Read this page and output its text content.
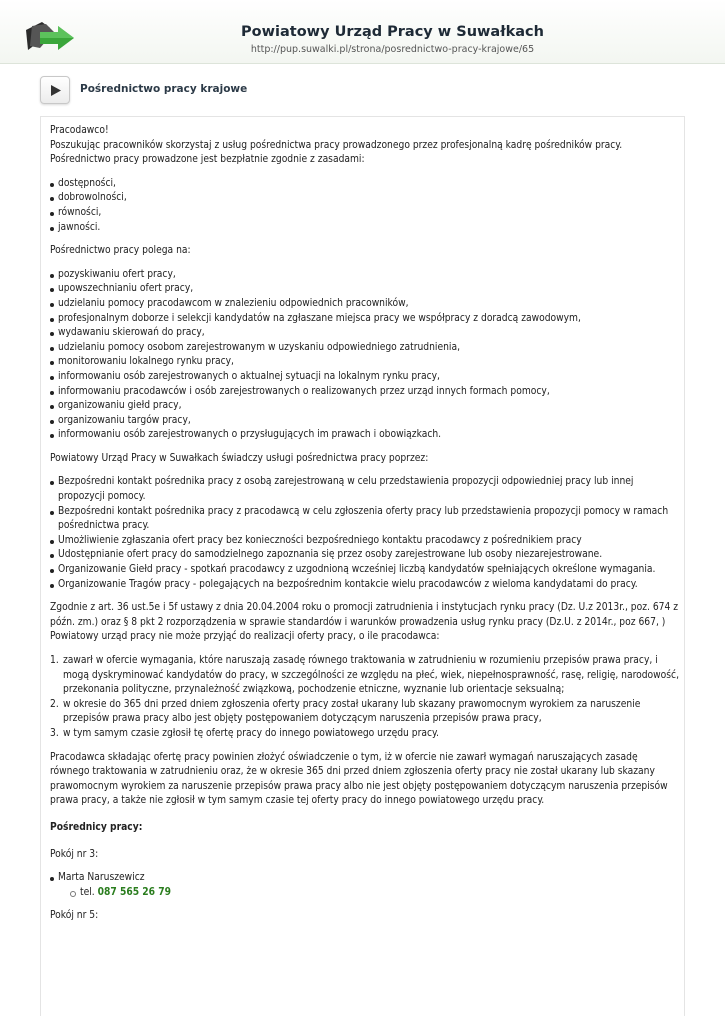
Powiatowy Urząd Pracy w Suwałkach
http://pup.suwalki.pl/strona/posrednictwo-pracy-krajowe/65
Pośrednictwo pracy krajowe

Pracodawco!
Poszukując pracowników skorzystaj z usług pośrednictwa pracy prowadzonego przez profesjonalną kadrę pośredników pracy.
Pośrednictwo pracy prowadzone jest bezpłatnie zgodnie z zasadami:

dostępności,
dobrowolności,
równości,
jawności.

Pośrednictwo pracy polega na:

pozyskiwaniu ofert pracy,
upowszechnianiu ofert pracy,
udzielaniu pomocy pracodawcom w znalezieniu odpowiednich pracowników,
profesjonalnym doborze i selekcji kandydatów na zgłaszane miejsca pracy we współpracy z doradcą zawodowym,
wydawaniu skierowań do pracy,
udzielaniu pomocy osobom zarejestrowanym w uzyskaniu odpowiedniego zatrudnienia,
monitorowaniu lokalnego rynku pracy,
informowaniu osób zarejestrowanych o aktualnej sytuacji na lokalnym rynku pracy,
informowaniu pracodawców i osób zarejestrowanych o realizowanych przez urząd innych formach pomocy,
organizowaniu giełd pracy,
organizowaniu targów pracy,
informowaniu osób zarejestrowanych o przysługujących im prawach i obowiązkach.

Powiatowy Urząd Pracy w Suwałkach świadczy usługi pośrednictwa pracy poprzez:

Bezpośredni kontakt pośrednika pracy z osobą zarejestrowaną w celu przedstawienia propozycji odpowiedniej pracy lub innej propozycji pomocy.
Bezpośredni kontakt pośrednika pracy z pracodawcą w celu zgłoszenia oferty pracy lub przedstawienia propozycji pomocy w ramach pośrednictwa pracy.
Umożliwienie zgłaszania ofert pracy bez konieczności bezpośredniego kontaktu pracodawcy z pośrednikiem pracy
Udostępnianie ofert pracy do samodzielnego zapoznania się przez osoby zarejestrowane lub osoby niezarejestrowane.
Organizowanie Giełd pracy - spotkań pracodawcy z uzgodnioną wcześniej liczbą kandydatów spełniających określone wymagania.
Organizowanie Tragów pracy - polegających na bezpośrednim kontakcie wielu pracodawców z wieloma kandydatami do pracy.

Zgodnie z art. 36 ust.5e i 5f ustawy z dnia 20.04.2004 roku o promocji zatrudnienia i instytucjach rynku pracy (Dz. U.z 2013r., poz. 674 z późn. zm.) oraz § 8 pkt 2 rozporządzenia w sprawie standardów i warunków prowadzenia usług rynku pracy (Dz.U. z 2014r., poz 667, ) Powiatowy urząd pracy nie może przyjąć do realizacji oferty pracy, o ile pracodawca:

zawarł w ofercie wymagania, które naruszają zasadę równego traktowania w zatrudnieniu w rozumieniu przepisów prawa pracy, i mogą dyskryminować kandydatów do pracy, w szczególności ze względu na płeć, wiek, niepełnosprawność, rasę, religię, narodowość, przekonania polityczne, przynależność związkową, pochodzenie etniczne, wyznanie lub orientacje seksualną;
w okresie do 365 dni przed dniem zgłoszenia oferty pracy został ukarany lub skazany prawomocnym wyrokiem za naruszenie przepisów prawa pracy albo jest objęty postępowaniem dotyczącym naruszenia przepisów prawa pracy,
w tym samym czasie zgłosił tę ofertę pracy do innego powiatowego urzędu pracy.

Pracodawca składając ofertę pracy powinien złożyć oświadczenie o tym, iż w ofercie nie zawarł wymagań naruszających zasadę równego traktowania w zatrudnieniu oraz, że w okresie 365 dni przed dniem zgłoszenia oferty pracy nie został ukarany lub skazany prawomocnym wyrokiem za naruszenie przepisów prawa pracy albo nie jest objęty postępowaniem dotyczącym naruszenia przepisów prawa pracy, a także nie zgłosił w tym samym czasie tej oferty pracy do innego powiatowego urzędu pracy.

Pośrednicy pracy:

Pokój nr 3:

Marta Naruszewicz
tel. 087 565 26 79

Pokój nr 5:
